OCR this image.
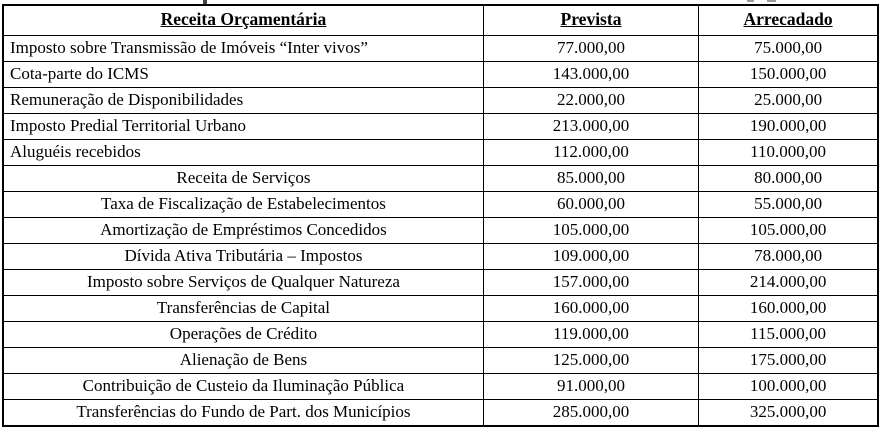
Receita Orçamentária	Prevista	Arrecadado
Imposto sobre Transmissão de Imóveis “Inter vivos”	77.000,00	75.000,00
Cota-parte do ICMS	143.000,00	150.000,00
Remuneração de Disponibilidades	22.000,00	25.000,00
Imposto Predial Territorial Urbano	213.000,00	190.000,00
Aluguéis recebidos	112.000,00	110.000,00
Receita de Serviços	85.000,00	80.000,00
Taxa de Fiscalização de Estabelecimentos	60.000,00	55.000,00
Amortização de Empréstimos Concedidos	105.000,00	105.000,00
Dívida Ativa Tributária – Impostos	109.000,00	78.000,00
Imposto sobre Serviços de Qualquer Natureza	157.000,00	214.000,00
Transferências de Capital	160.000,00	160.000,00
Operações de Crédito	119.000,00	115.000,00
Alienação de Bens	125.000,00	175.000,00
Contribuição de Custeio da Iluminação Pública	91.000,00	100.000,00
Transferências do Fundo de Part. dos Municípios	285.000,00	325.000,00
